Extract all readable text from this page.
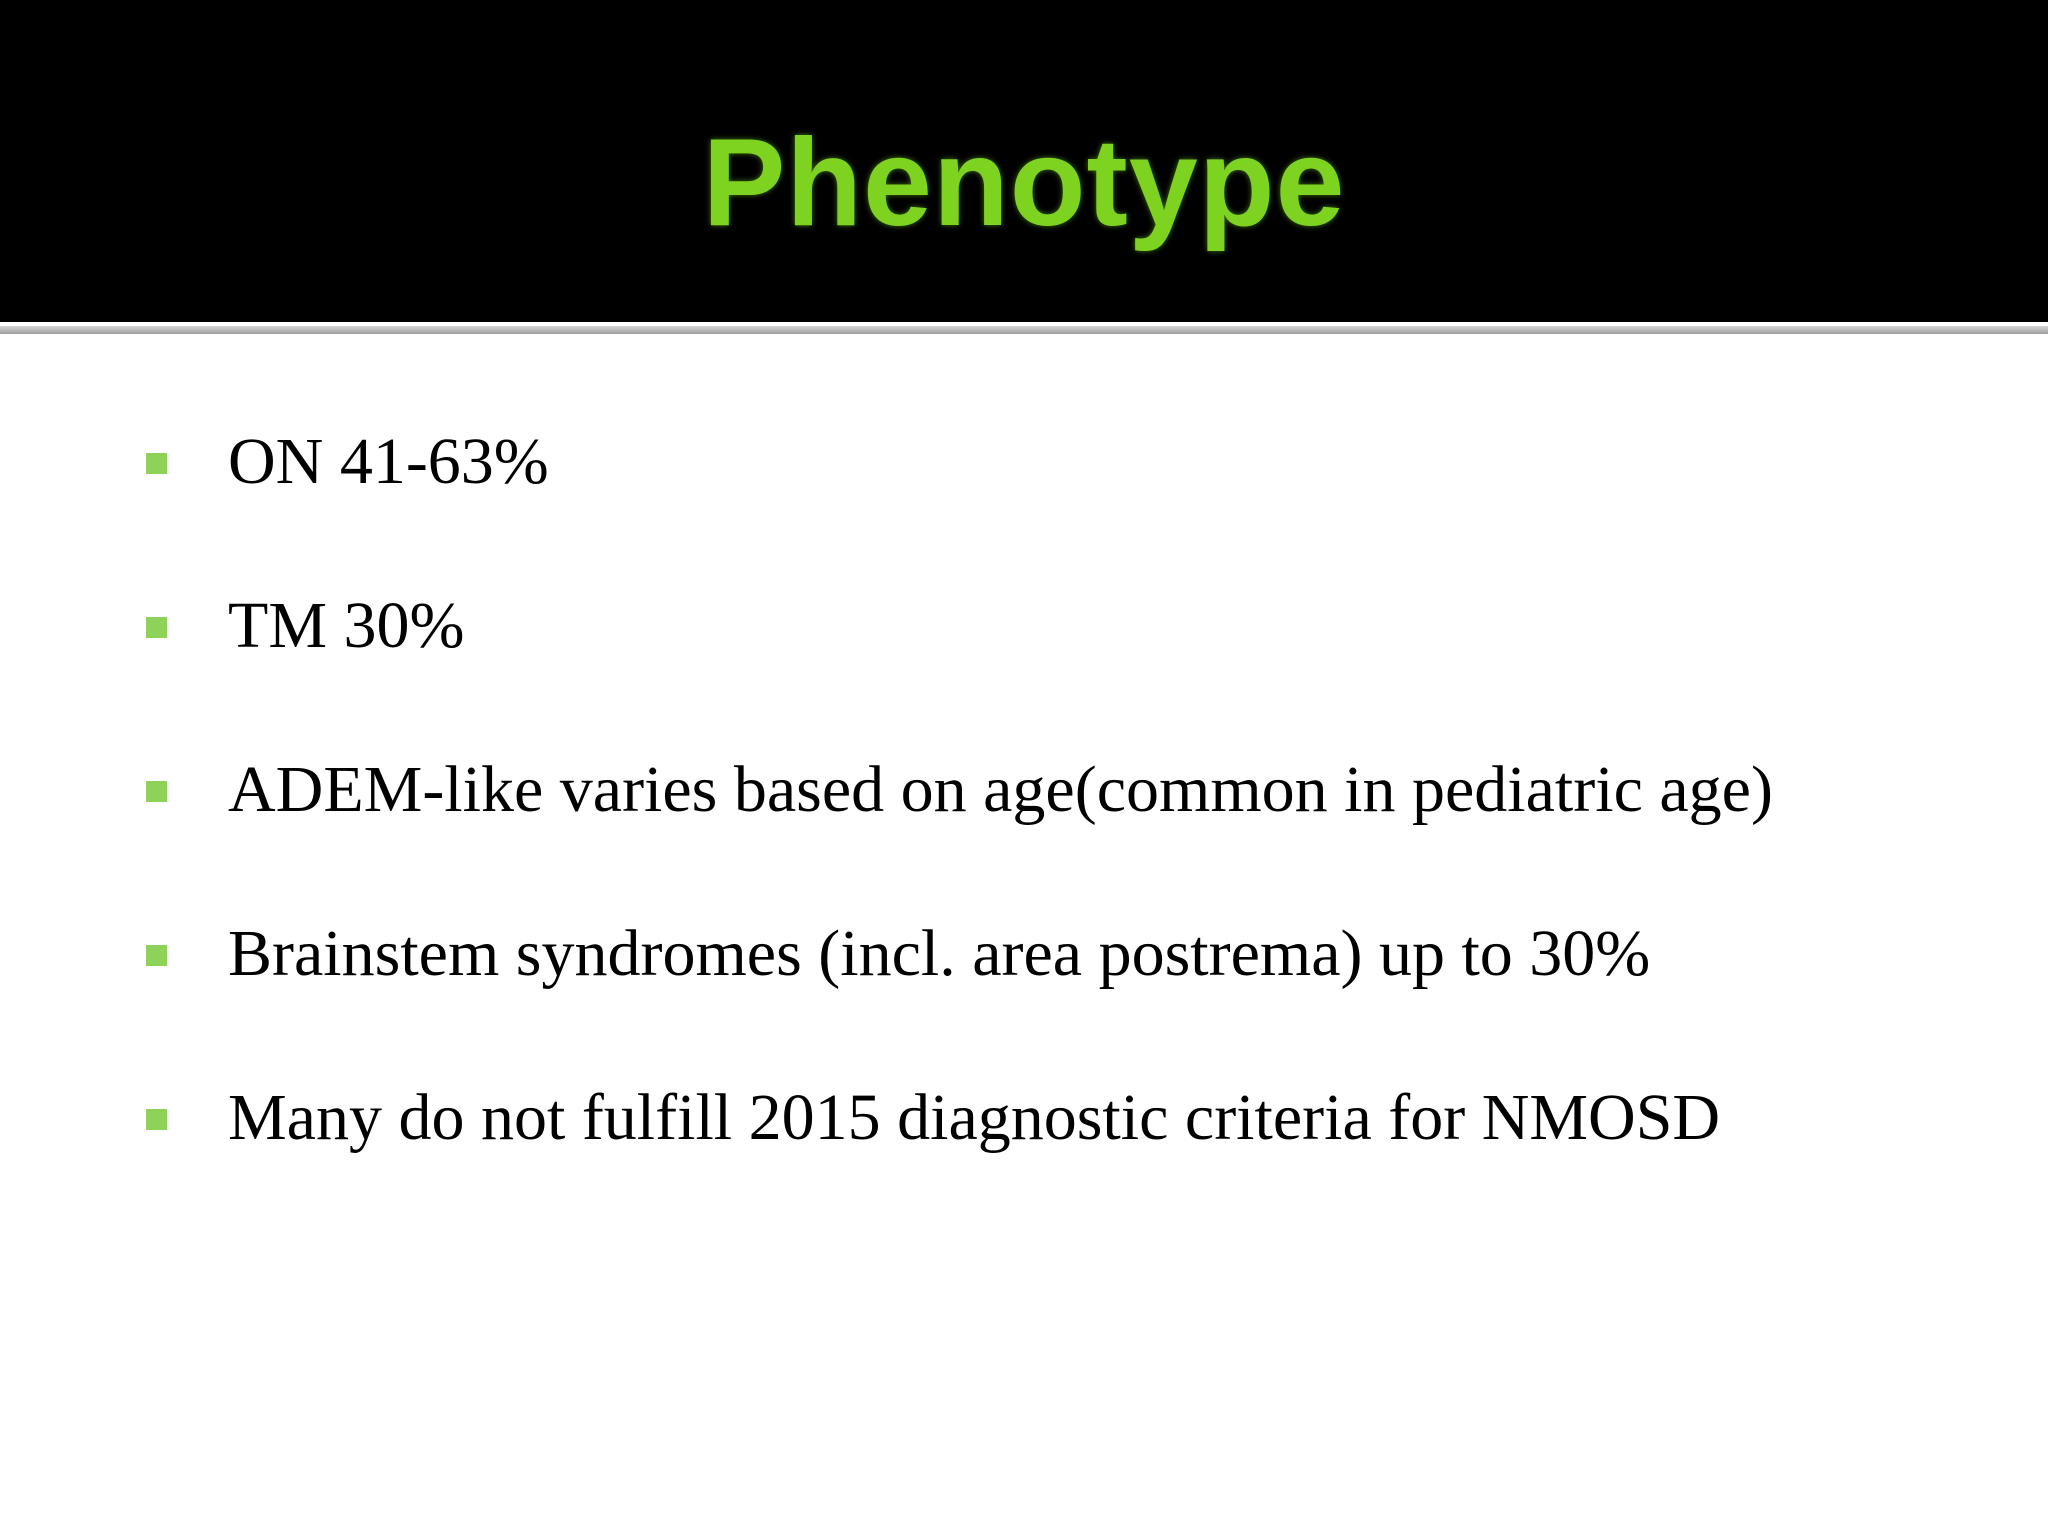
Phenotype
ON 41-63%
TM 30%
ADEM-like varies based on age(common in pediatric age)
Brainstem syndromes (incl. area postrema) up to 30%
Many do not fulfill 2015 diagnostic criteria for NMOSD
